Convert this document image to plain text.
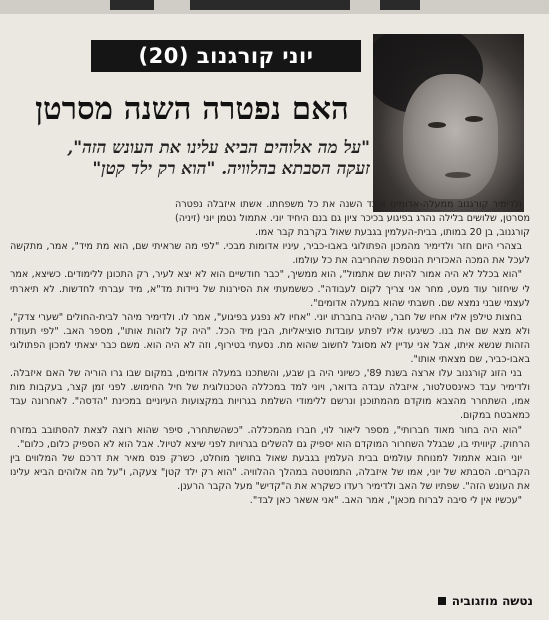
יוני קורגנוב (20)
האם נפטרה השנה מסרטן
"על מה אלוהים הביא עלינו את העונש הזה",
זעקה הסבתא בהלוויה. "הוא רק ילד קטן"

ולדימיר קורגנוב ממעלה-אדומים איבד השנה את כל משפחתו. אשתו איזבלה נפטרה מסרטן, שלושים בלילה נהרג בפיגוע בכיכר ציון גם בנם היחיד יוני. אתמול נטמן יוני (זיניה) קורגנוב, בן 20 במותו, בבית-העלמין בגבעת שאול בקרבת קבר אמו.

בצהרי היום חזר ולדימיר מהמכון הפתולוגי באבו-כביר, עיניו אדומות מבכי. "לפי מה שראיתי שם, הוא מת מיד", אמר, מתקשה לעכל את המכה האכזרית הנוספת שהחריבה את כל עולמו.

"הוא בכלל לא היה אמור להיות שם אתמול", הוא ממשיך, "כבר חודשיים הוא לא יצא לעיר, רק התכונן ללימודים. כשיצא, אמר לי שיחזור עוד מעט, מחר אני צריך לקום לעבודה". כששמעתי את הסירנות של ניידות מד"א, מיד עברתי לחדשות. לא תיארתי לעצמי שבני נמצא שם. חשבתי שהוא במעלה אדומים".

בחצות טילפן אליו אחיו של חבר, שהיה בחברתו יוני. "אחיו לא נפגע בפיגוע", אמר לו. ולדימיר מיהר לבית-החולים "שערי צדק", ולא מצא שם את בנו. כשיגעו אליו לפתע עובדות סוציאליות, הבין מיד הכל. "היה קל לזהות אותו", מספר האב. "לפי תעודת הזהות שנשא איתו, אבל אני עדיין לא מסוגל לחשוב שהוא מת. נסעתי בטירוף, וזה לא היה הוא. משם כבר יצאתי למכון הפתולוגי באבו-כביר, שם מצאתי אותו".

בני הזוג קורגנוב עלו ארצה בשנת 89', כשיוני היה בן שבע, והשתכנו במעלה אדומים, במקום שבו גרו הוריה של האם איזבלה. ולדימיר עבד כאינסטלטור, איזבלה עבדה בדואר, ויוני למד במכללה הטכנולוגית של חיל החימוש. לפני זמן קצר, בעקבות מות אמו, השתחרר מהצבא מוקדם מהמתוכנן ונרשם ללימודי השלמת בגרויות במקצועות העיוניים במכינת "הדסה". לאחרונה עבד כמאבטח במקום.

"הוא היה בחור מאוד חברותי", מספר ליאור לוי, חברו מהמכללה. "כשהשתחרר, סיפר שהוא רוצה לצאת להסתובב במזרח הרחוק. קיוויתי בו, שבגלל השחרור המוקדם הוא יספיק גם להשלים בגרויות לפני שיצא לטיול. אבל הוא לא הספיק כלום, כלום".

יוני הובא אתמול למנוחת עולמים בבית העלמין בגבעת שאול בחושך מוחלט, כשרק פנס מאיר את דרכם של המלווים בין הקברים. הסבתא של יוני, אמו של איזבלה, התמוטטה במהלך ההלוויה. "הוא רק ילד קטן" צעקה, ו"על מה אלוהים הביא עלינו את העונש הזה". שפתיו של האב ולדימיר רעדו כשקרא את ה"קדיש" מעל הקבר הרענן.

"עכשיו אין לי סיבה לברוח מכאן", אמר האב. "אני אשאר כאן לבד".

נטשה מוזגוביה
